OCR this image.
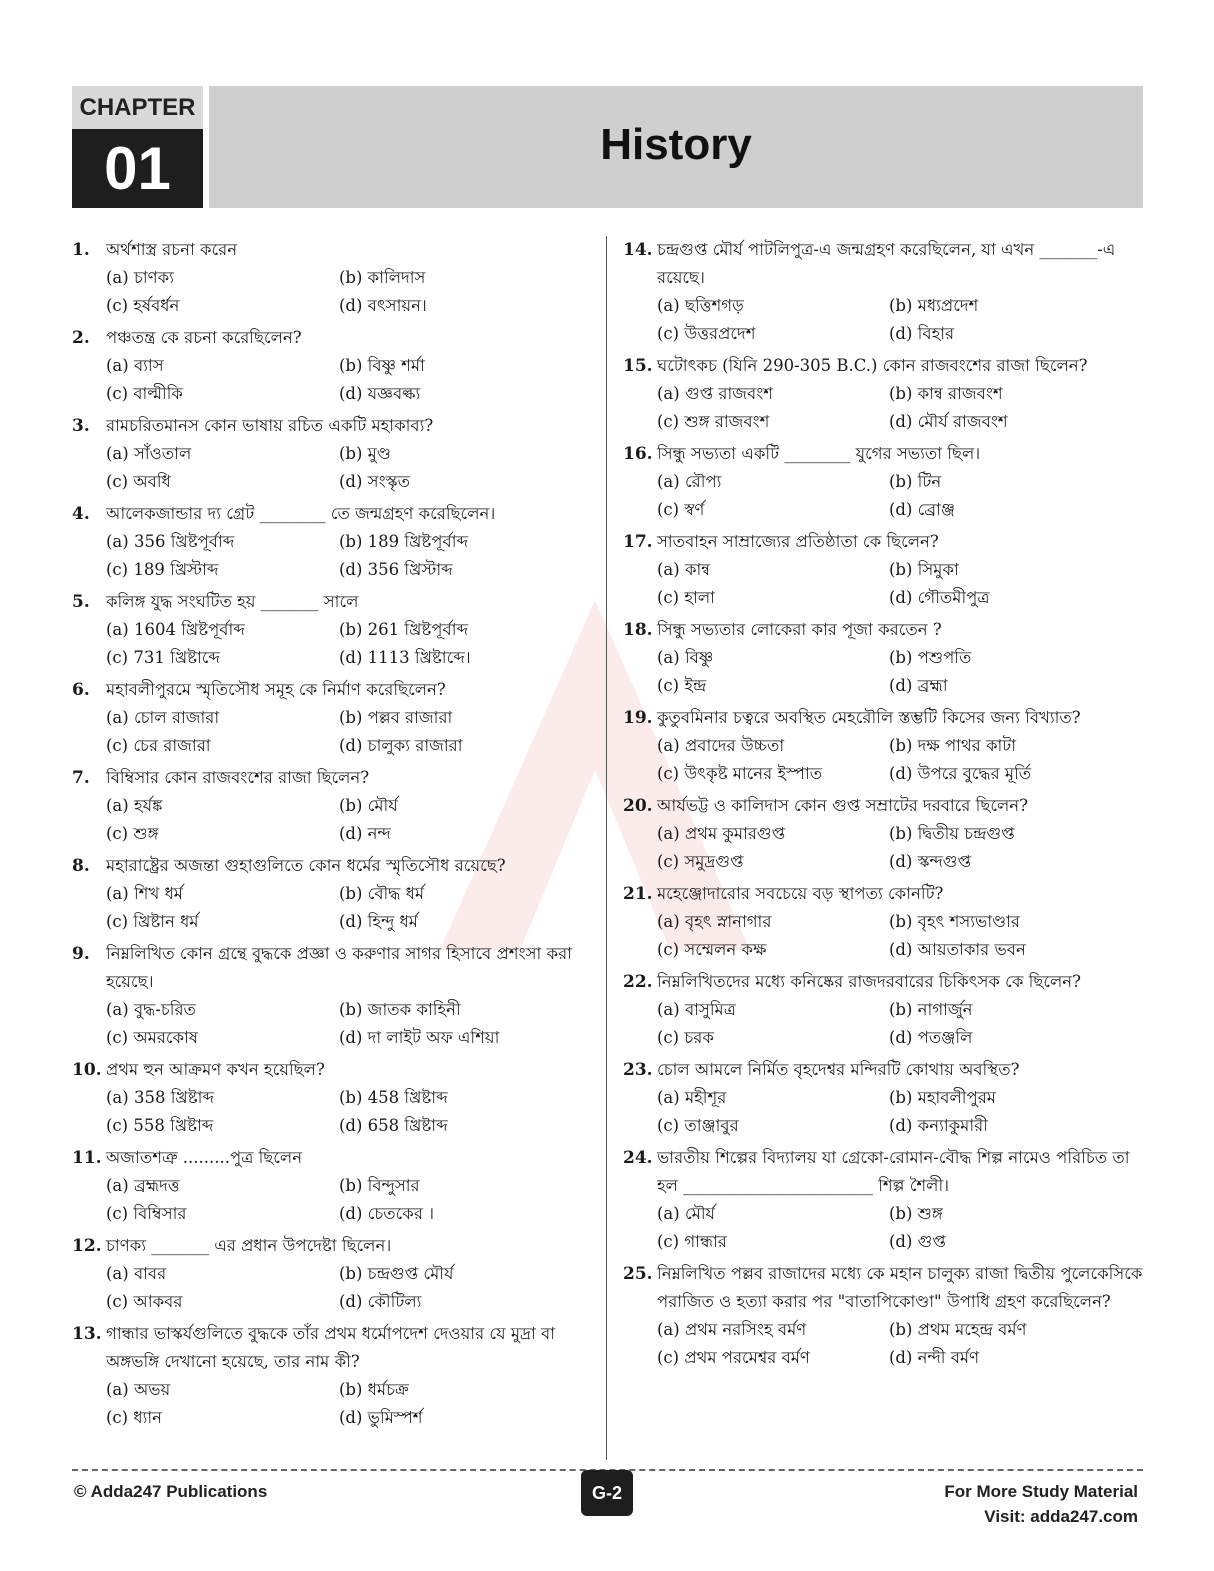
CHAPTER
01	History
1. অর্থশাস্ত্র রচনা করেন
(a) চাণক্য	(b) কালিদাস
(c) হর্ষবর্ধন	(d) বৎসায়ন।
2. পঞ্চতন্ত্র কে রচনা করেছিলেন?
(a) ব্যাস	(b) বিষ্ণু শর্মা
(c) বাল্মীকি	(d) যজ্ঞবল্ক্য
3. রামচরিতমানস কোন ভাষায় রচিত একটি মহাকাব্য?
(a) সাঁওতাল	(b) মুণ্ড
(c) অবধি	(d) সংস্কৃত
4. আলেকজান্ডার দ্য গ্রেট ________ তে জন্মগ্রহণ করেছিলেন।
(a) 356 খ্রিষ্টপূর্বাব্দ	(b) 189 খ্রিষ্টপূর্বাব্দ
(c) 189 খ্রিস্টাব্দ	(d) 356 খ্রিস্টাব্দ
5. কলিঙ্গ যুদ্ধ সংঘটিত হয় _______ সালে
(a) 1604 খ্রিষ্টপূর্বাব্দ	(b) 261 খ্রিষ্টপূর্বাব্দ
(c) 731 খ্রিষ্টাব্দে	(d) 1113 খ্রিষ্টাব্দে।
6. মহাবলীপুরমে স্মৃতিসৌধ সমূহ কে নির্মাণ করেছিলেন?
(a) চোল রাজারা	(b) পল্লব রাজারা
(c) চের রাজারা	(d) চালুক্য রাজারা
7. বিম্বিসার কোন রাজবংশের রাজা ছিলেন?
(a) হর্যঙ্ক	(b) মৌর্য
(c) শুঙ্গ	(d) নন্দ
8. মহারাষ্ট্রের অজন্তা গুহাগুলিতে কোন ধর্মের স্মৃতিসৌধ রয়েছে?
(a) শিখ ধর্ম	(b) বৌদ্ধ ধর্ম
(c) খ্রিষ্টান ধর্ম	(d) হিন্দু ধর্ম
9. নিম্নলিখিত কোন গ্রন্থে বুদ্ধকে প্রজ্ঞা ও করুণার সাগর হিসাবে প্রশংসা করা হয়েছে।
(a) বুদ্ধ-চরিত	(b) জাতক কাহিনী
(c) অমরকোষ	(d) দা লাইট অফ এশিয়া
10. প্রথম হুন আক্রমণ কখন হয়েছিল?
(a) 358 খ্রিষ্টাব্দ	(b) 458 খ্রিষ্টাব্দ
(c) 558 খ্রিষ্টাব্দ	(d) 658 খ্রিষ্টাব্দ
11. অজাতশত্রু .........পুত্র ছিলেন
(a) ব্রহ্মদত্ত	(b) বিন্দুসার
(c) বিম্বিসার	(d) চেতকের ।
12. চাণক্য _______ এর প্রধান উপদেষ্টা ছিলেন।
(a) বাবর	(b) চন্দ্রগুপ্ত মৌর্য
(c) আকবর	(d) কৌটিল্য
13. গান্ধার ভাস্কর্যগুলিতে বুদ্ধকে তাঁর প্রথম ধর্মোপদেশ দেওয়ার যে মুদ্রা বা অঙ্গভঙ্গি দেখানো হয়েছে, তার নাম কী?
(a) অভয়	(b) ধর্মচক্র
(c) ধ্যান	(d) ভুমিস্পর্শ
14. চন্দ্রগুপ্ত মৌর্য পাটলিপুত্র-এ জন্মগ্রহণ করেছিলেন, যা এখন _______-এ রয়েছে।
(a) ছত্তিশগড়	(b) মধ্যপ্রদেশ
(c) উত্তরপ্রদেশ	(d) বিহার
15. ঘটোৎকচ (যিনি 290-305 B.C.) কোন রাজবংশের রাজা ছিলেন?
(a) গুপ্ত রাজবংশ	(b) কান্ব রাজবংশ
(c) শুঙ্গ রাজবংশ	(d) মৌর্য রাজবংশ
16. সিন্ধু সভ্যতা একটি ________ যুগের সভ্যতা ছিল।
(a) রৌপ্য	(b) টিন
(c) স্বর্ণ	(d) ব্রোঞ্জ
17. সাতবাহন সাম্রাজ্যের প্রতিষ্ঠাতা কে ছিলেন?
(a) কান্ব	(b) সিমুকা
(c) হালা	(d) গৌতমীপুত্র
18. সিন্ধু সভ্যতার লোকেরা কার পূজা করতেন ?
(a) বিষ্ণু	(b) পশুপতি
(c) ইন্দ্র	(d) ব্রহ্মা
19. কুতুবমিনার চত্বরে অবস্থিত মেহরৌলি স্তম্ভটি কিসের জন্য বিখ্যাত?
(a) প্রবাদের উচ্চতা	(b) দক্ষ পাথর কাটা
(c) উৎকৃষ্ট মানের ইস্পাত	(d) উপরে বুদ্ধের মূর্তি
20. আর্যভট্ট ও কালিদাস কোন গুপ্ত সম্রাটের দরবারে ছিলেন?
(a) প্রথম কুমারগুপ্ত	(b) দ্বিতীয় চন্দ্রগুপ্ত
(c) সমুদ্রগুপ্ত	(d) স্কন্দগুপ্ত
21. মহেঞ্জোদারোর সবচেয়ে বড় স্থাপত্য কোনটি?
(a) বৃহৎ স্নানাগার	(b) বৃহৎ শস্যভাণ্ডার
(c) সম্মেলন কক্ষ	(d) আয়তাকার ভবন
22. নিম্নলিখিতদের মধ্যে কনিষ্কের রাজদরবারের চিকিৎসক কে ছিলেন?
(a) বাসুমিত্র	(b) নাগার্জুন
(c) চরক	(d) পতঞ্জলি
23. চোল আমলে নির্মিত বৃহদেশ্বর মন্দিরটি কোথায় অবস্থিত?
(a) মহীশূর	(b) মহাবলীপুরম
(c) তাঞ্জাবুর	(d) কন্যাকুমারী
24. ভারতীয় শিল্পের বিদ্যালয় যা গ্রেকো-রোমান-বৌদ্ধ শিল্প নামেও পরিচিত তা হল _______________________ শিল্প শৈলী।
(a) মৌর্য	(b) শুঙ্গ
(c) গান্ধার	(d) গুপ্ত
25. নিম্নলিখিত পল্লব রাজাদের মধ্যে কে মহান চালুক্য রাজা দ্বিতীয় পুলেকেসিকে পরাজিত ও হত্যা করার পর "বাতাপিকোণ্ডা" উপাধি গ্রহণ করেছিলেন?
(a) প্রথম নরসিংহ বর্মণ	(b) প্রথম মহেন্দ্র বর্মণ
(c) প্রথম পরমেশ্বর বর্মণ	(d) নন্দী বর্মণ
© Adda247 Publications	G-2	For More Study Material
Visit: adda247.com
